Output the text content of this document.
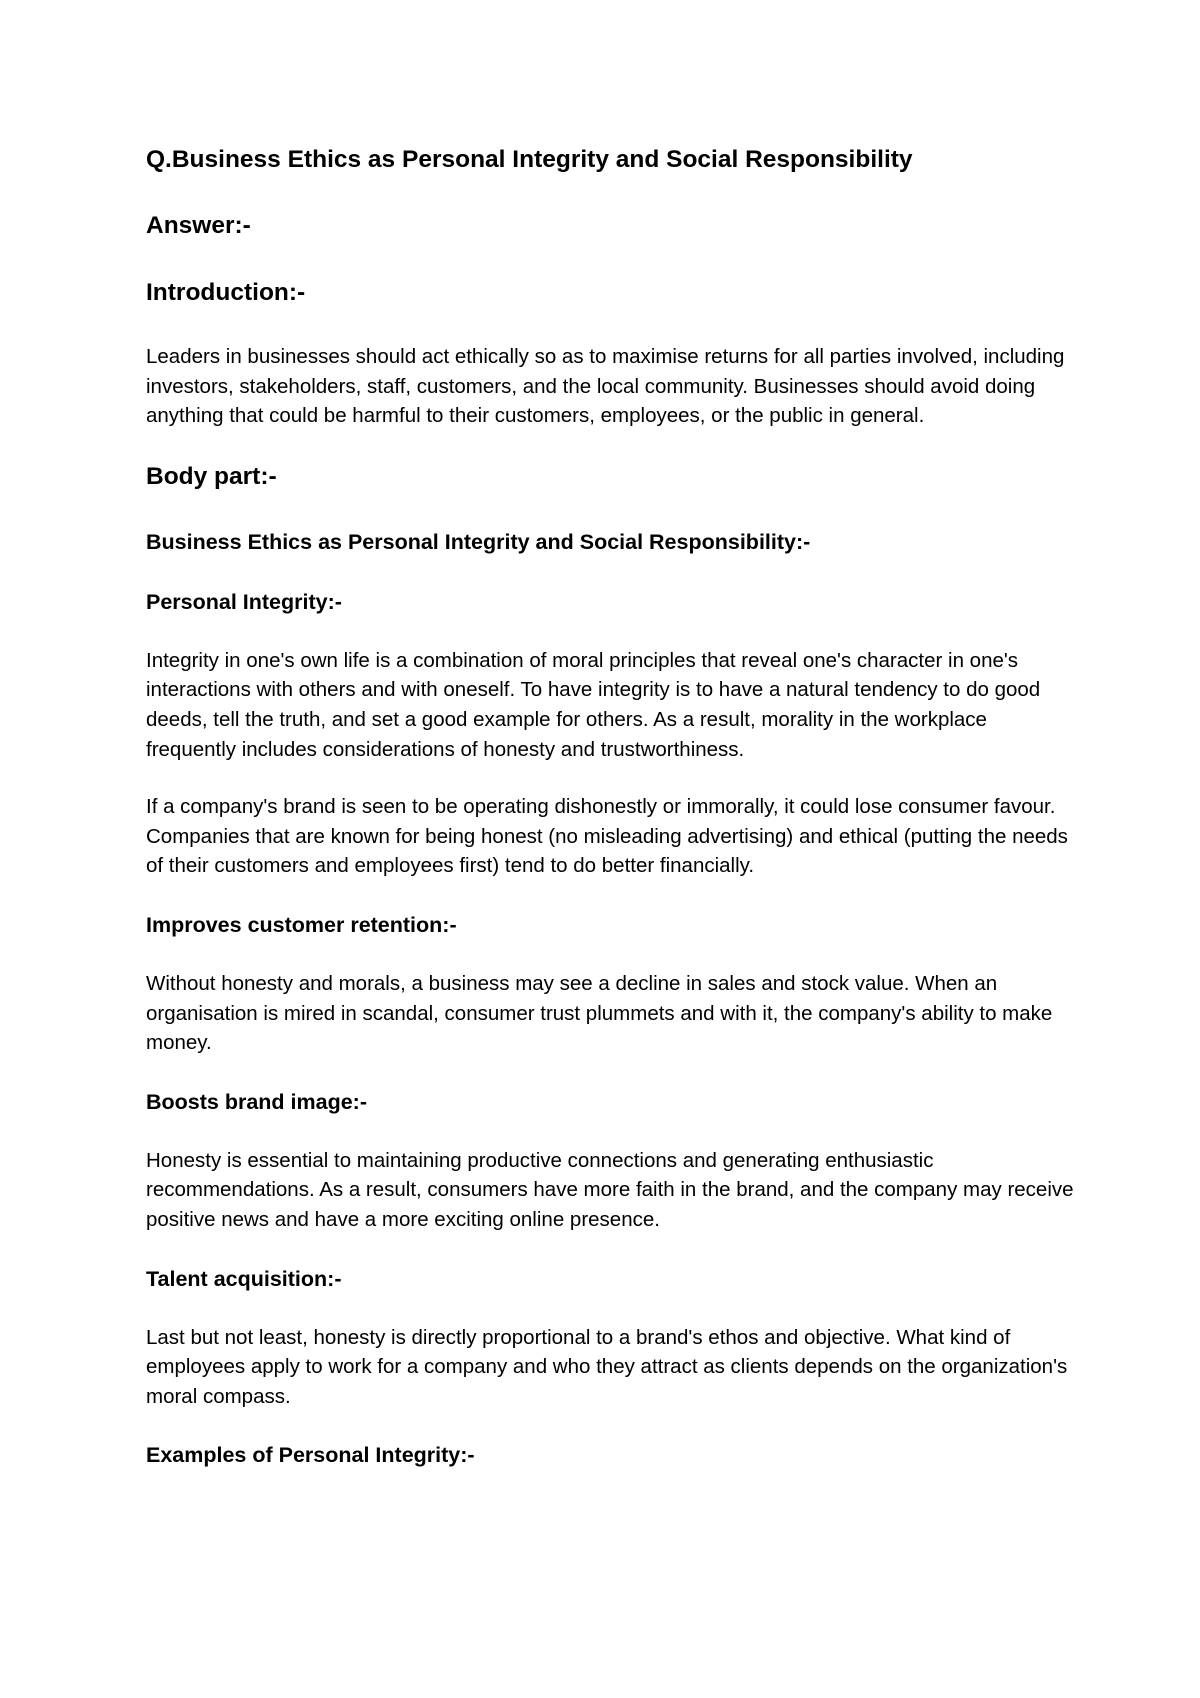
Q.Business Ethics as Personal Integrity and Social Responsibility
Answer:-
Introduction:-

Leaders in businesses should act ethically so as to maximise returns for all parties involved, including investors, stakeholders, staff, customers, and the local community. Businesses should avoid doing anything that could be harmful to their customers, employees, or the public in general.

Body part:-
Business Ethics as Personal Integrity and Social Responsibility:-
Personal Integrity:-

Integrity in one's own life is a combination of moral principles that reveal one's character in one's interactions with others and with oneself. To have integrity is to have a natural tendency to do good deeds, tell the truth, and set a good example for others. As a result, morality in the workplace frequently includes considerations of honesty and trustworthiness.

If a company's brand is seen to be operating dishonestly or immorally, it could lose consumer favour. Companies that are known for being honest (no misleading advertising) and ethical (putting the needs of their customers and employees first) tend to do better financially.

Improves customer retention:-

Without honesty and morals, a business may see a decline in sales and stock value. When an organisation is mired in scandal, consumer trust plummets and with it, the company's ability to make money.

Boosts brand image:-

Honesty is essential to maintaining productive connections and generating enthusiastic recommendations. As a result, consumers have more faith in the brand, and the company may receive positive news and have a more exciting online presence.

Talent acquisition:-

Last but not least, honesty is directly proportional to a brand's ethos and objective. What kind of employees apply to work for a company and who they attract as clients depends on the organization's moral compass.

Examples of Personal Integrity:-
